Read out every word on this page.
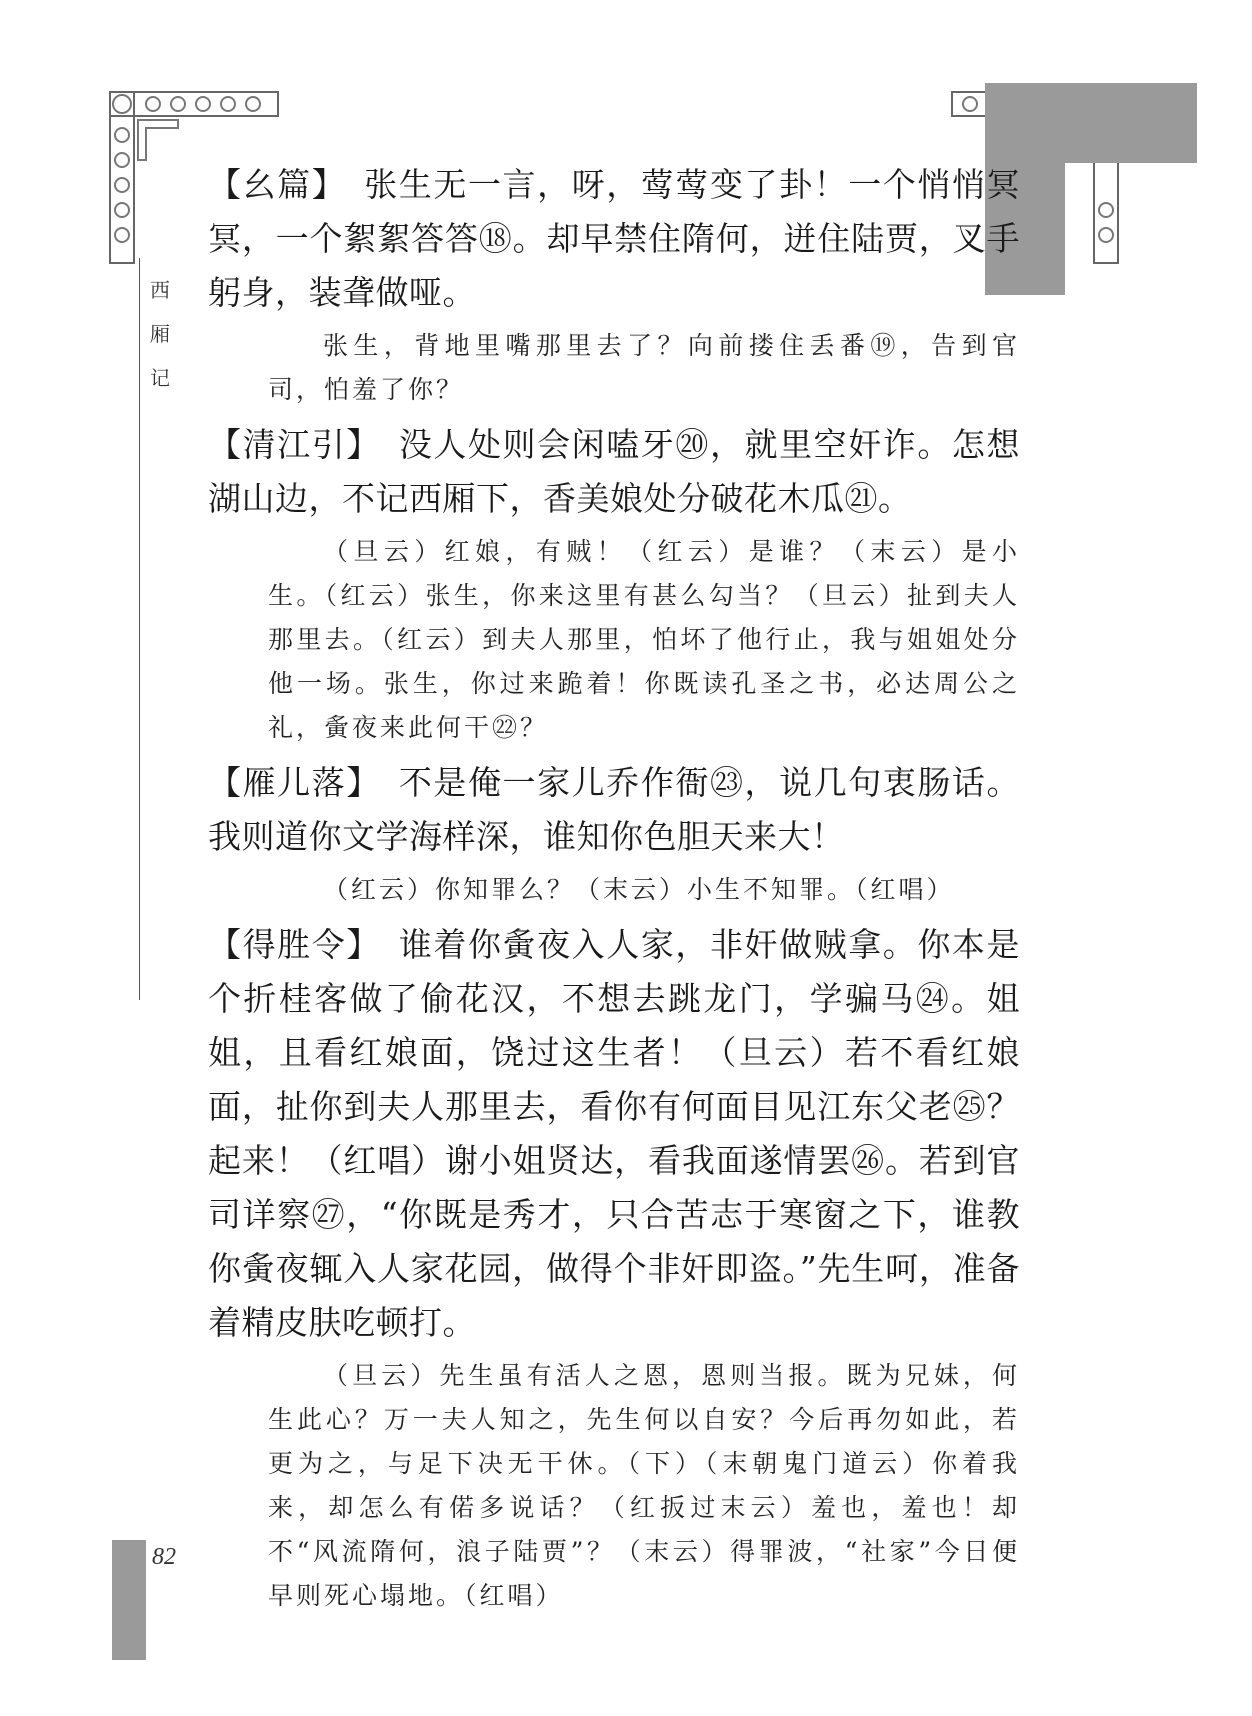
西
厢
记

【幺篇】 张生无一言，呀，莺莺变了卦！一个悄悄冥冥，一个絮絮答答⑱。却早禁住隋何，迸住陆贾，叉手躬身，装聋做哑。

张生，背地里嘴那里去了？向前搂住丢番⑲，告到官司，怕羞了你？

【清江引】 没人处则会闲嗑牙⑳，就里空奸诈。怎想湖山边，不记西厢下，香美娘处分破花木瓜㉑。

（旦云）红娘，有贼！（红云）是谁？（末云）是小生。（红云）张生，你来这里有甚么勾当？（旦云）扯到夫人那里去。（红云）到夫人那里，怕坏了他行止，我与姐姐处分他一场。张生，你过来跪着！你既读孔圣之书，必达周公之礼，夤夜来此何干㉒？

【雁儿落】 不是俺一家儿乔作衙㉓，说几句衷肠话。我则道你文学海样深，谁知你色胆天来大！

（红云）你知罪么？（末云）小生不知罪。（红唱）

【得胜令】 谁着你夤夜入人家，非奸做贼拿。你本是个折桂客做了偷花汉，不想去跳龙门，学骗马㉔。姐姐，且看红娘面，饶过这生者！（旦云）若不看红娘面，扯你到夫人那里去，看你有何面目见江东父老㉕？起来！（红唱）谢小姐贤达，看我面遂情罢㉖。若到官司详察㉗，“你既是秀才，只合苦志于寒窗之下，谁教你夤夜辄入人家花园，做得个非奸即盗。”先生呵，准备着精皮肤吃顿打。

（旦云）先生虽有活人之恩，恩则当报。既为兄妹，何生此心？万一夫人知之，先生何以自安？今后再勿如此，若更为之，与足下决无干休。（下）（末朝鬼门道云）你着我来，却怎么有偌多说话？（红扳过末云）羞也，羞也！却不“风流隋何，浪子陆贾”？（末云）得罪波，“社家”今日便早则死心塌地。（红唱）

82
